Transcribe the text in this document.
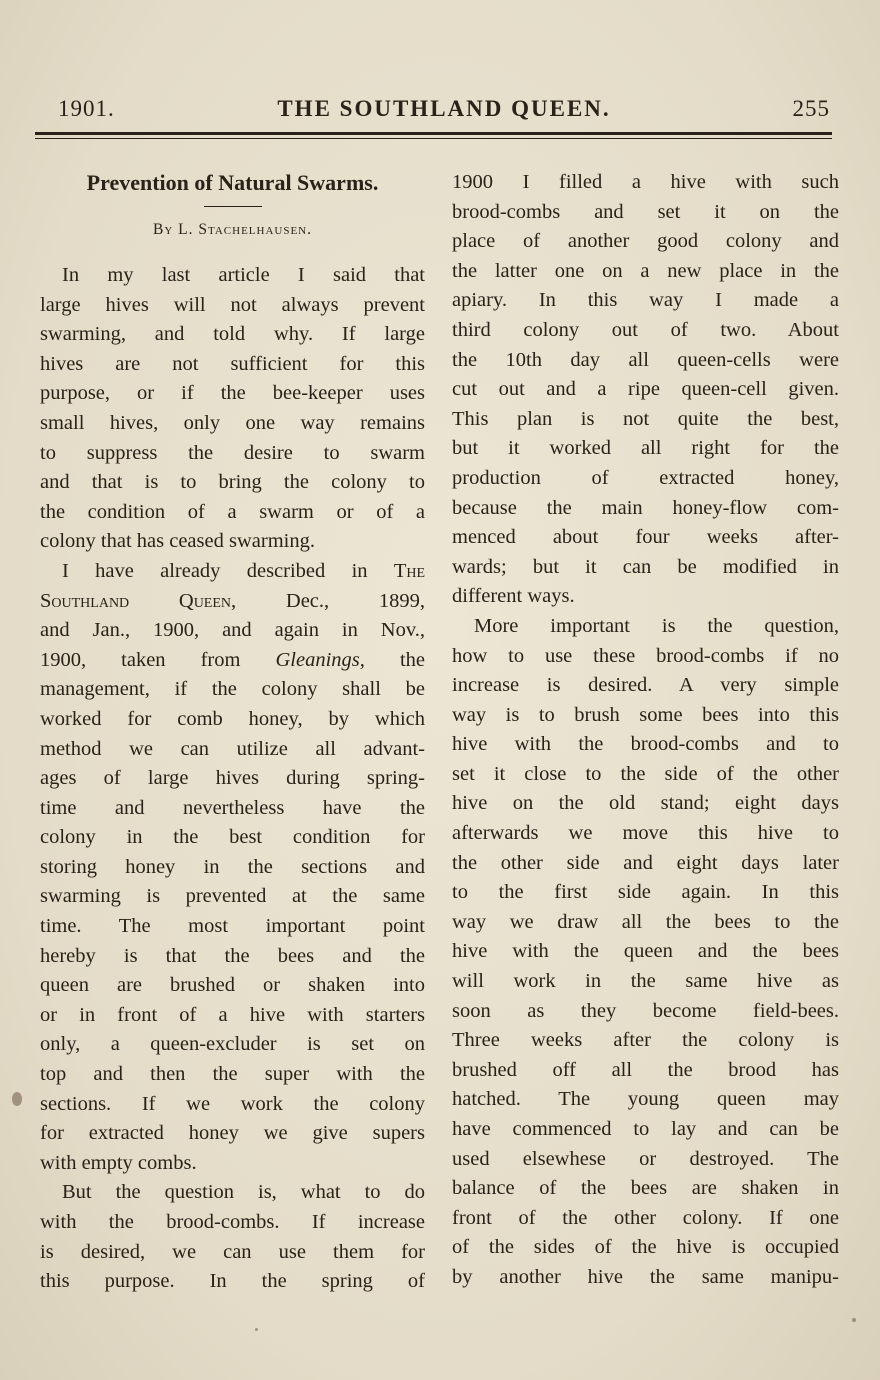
1901.	THE SOUTHLAND QUEEN.	255
Prevention of Natural Swarms.
By L. Stachelhausen.
In my last article I said that
large hives will not always prevent
swarming, and told why. If large
hives are not sufficient for this
purpose, or if the bee-keeper uses
small hives, only one way remains
to suppress the desire to swarm
and that is to bring the colony to
the condition of a swarm or of a
colony that has ceased swarming.
I have already described in The
Southland Queen, Dec., 1899,
and Jan., 1900, and again in Nov.,
1900, taken from Gleanings, the
management, if the colony shall be
worked for comb honey, by which
method we can utilize all advant-
ages of large hives during spring-
time and nevertheless have the
colony in the best condition for
storing honey in the sections and
swarming is prevented at the same
time. The most important point
hereby is that the bees and the
queen are brushed or shaken into
or in front of a hive with starters
only, a queen-excluder is set on
top and then the super with the
sections. If we work the colony
for extracted honey we give supers
with empty combs.
But the question is, what to do
with the brood-combs. If increase
is desired, we can use them for
this purpose. In the spring of
1900 I filled a hive with such
brood-combs and set it on the
place of another good colony and
the latter one on a new place in the
apiary. In this way I made a
third colony out of two. About
the 10th day all queen-cells were
cut out and a ripe queen-cell given.
This plan is not quite the best,
but it worked all right for the
production of extracted honey,
because the main honey-flow com-
menced about four weeks after-
wards; but it can be modified in
different ways.
More important is the question,
how to use these brood-combs if no
increase is desired. A very simple
way is to brush some bees into this
hive with the brood-combs and to
set it close to the side of the other
hive on the old stand; eight days
afterwards we move this hive to
the other side and eight days later
to the first side again. In this
way we draw all the bees to the
hive with the queen and the bees
will work in the same hive as
soon as they become field-bees.
Three weeks after the colony is
brushed off all the brood has
hatched. The young queen may
have commenced to lay and can be
used elsewhese or destroyed. The
balance of the bees are shaken in
front of the other colony. If one
of the sides of the hive is occupied
by another hive the same manipu-
